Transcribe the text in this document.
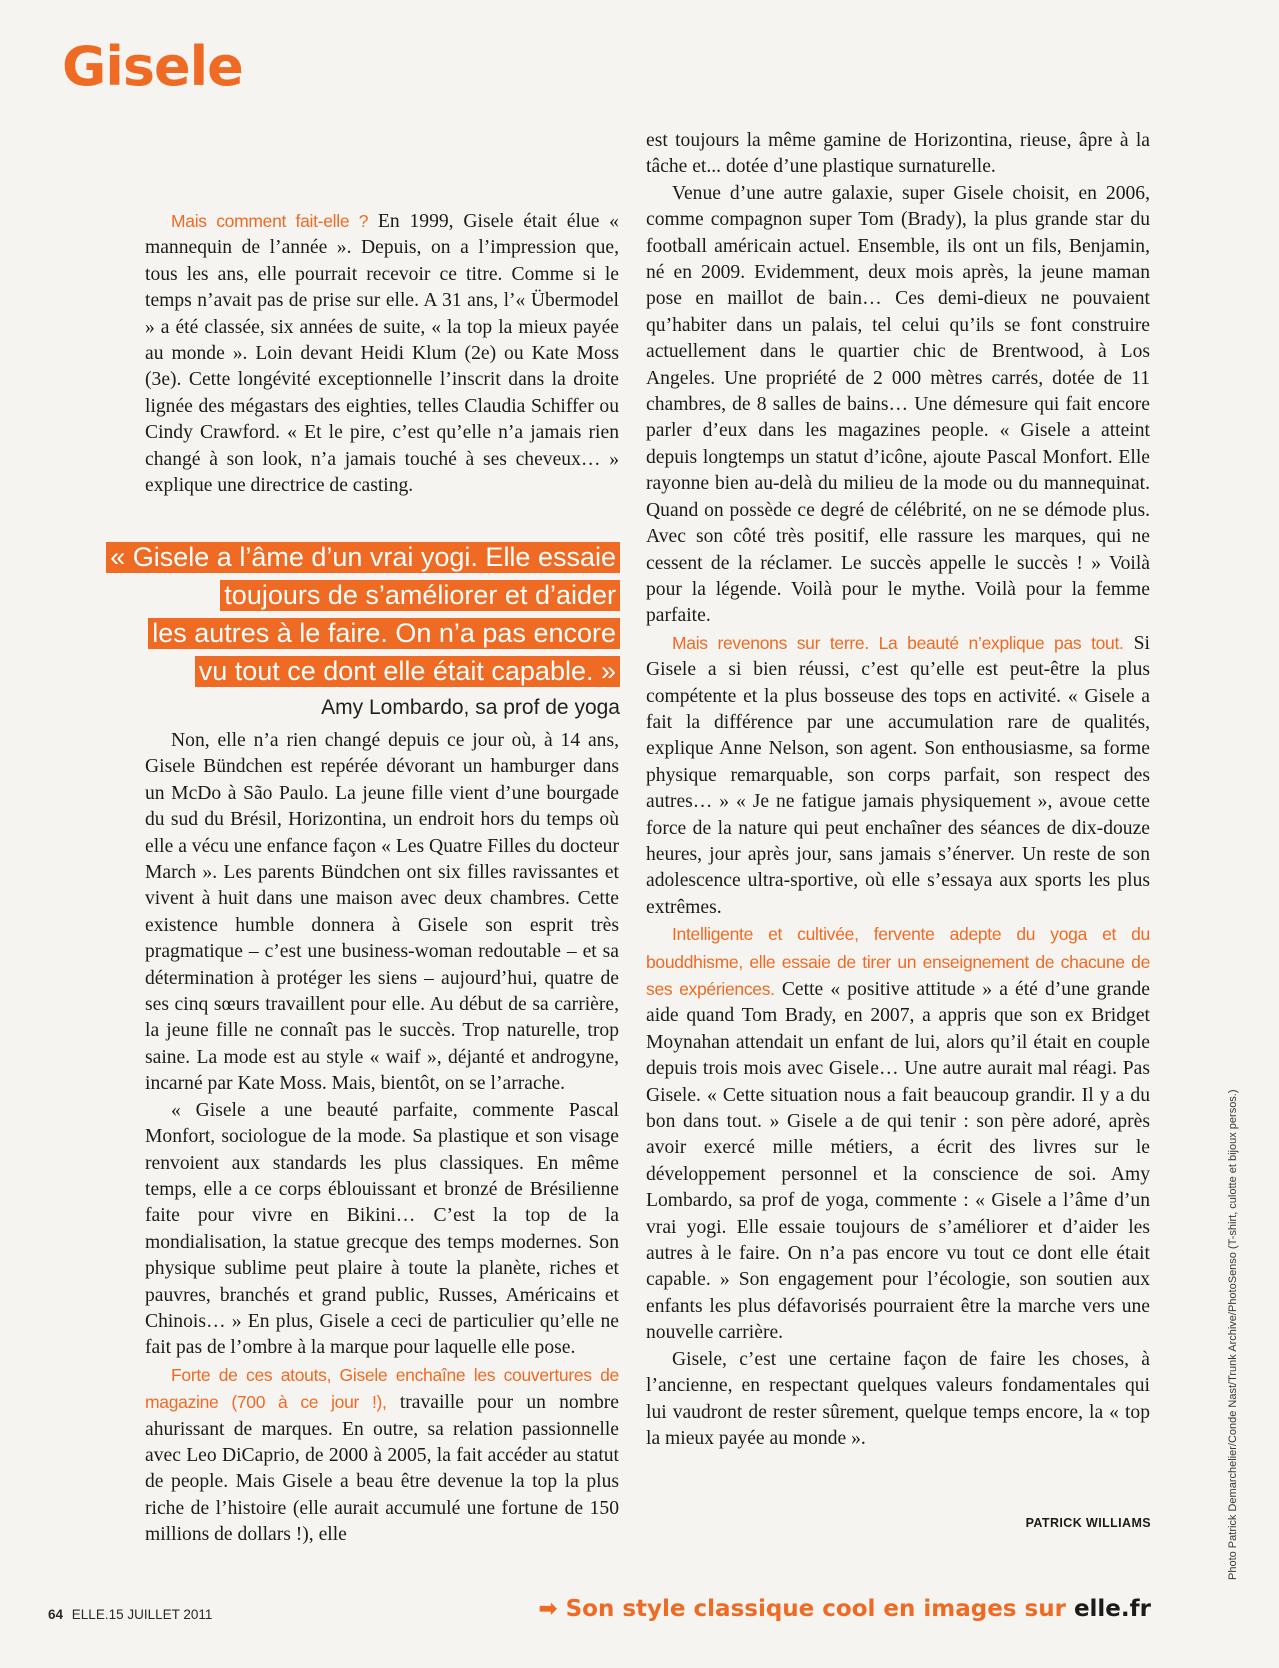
Gisele

Mais comment fait-elle ? En 1999, Gisele était élue « mannequin de l’année ». Depuis, on a l’impression que, tous les ans, elle pourrait recevoir ce titre. Comme si le temps n’avait pas de prise sur elle. A 31 ans, l’« Übermodel » a été classée, six années de suite, « la top la mieux payée au monde ». Loin devant Heidi Klum (2e) ou Kate Moss (3e). Cette longévité exceptionnelle l’inscrit dans la droite lignée des mégastars des eighties, telles Claudia Schiffer ou Cindy Crawford. « Et le pire, c’est qu’elle n’a jamais rien changé à son look, n’a jamais touché à ses cheveux… » explique une directrice de casting.

« Gisele a l’âme d’un vrai yogi. Elle essaie
toujours de s’améliorer et d’aider
les autres à le faire. On n’a pas encore
vu tout ce dont elle était capable. »
Amy Lombardo, sa prof de yoga

Non, elle n’a rien changé depuis ce jour où, à 14 ans, Gisele Bündchen est repérée dévorant un hamburger dans un McDo à São Paulo. La jeune fille vient d’une bourgade du sud du Brésil, Horizontina, un endroit hors du temps où elle a vécu une enfance façon « Les Quatre Filles du docteur March ». Les parents Bündchen ont six filles ravissantes et vivent à huit dans une maison avec deux chambres. Cette existence humble donnera à Gisele son esprit très pragmatique – c’est une business-woman redoutable – et sa détermination à protéger les siens – aujourd’hui, quatre de ses cinq sœurs travaillent pour elle. Au début de sa carrière, la jeune fille ne connaît pas le succès. Trop naturelle, trop saine. La mode est au style « waif », déjanté et androgyne, incarné par Kate Moss. Mais, bientôt, on se l’arrache.

« Gisele a une beauté parfaite, commente Pascal Monfort, sociologue de la mode. Sa plastique et son visage renvoient aux standards les plus classiques. En même temps, elle a ce corps éblouissant et bronzé de Brésilienne faite pour vivre en Bikini… C’est la top de la mondialisation, la statue grecque des temps modernes. Son physique sublime peut plaire à toute la planète, riches et pauvres, branchés et grand public, Russes, Américains et Chinois… » En plus, Gisele a ceci de particulier qu’elle ne fait pas de l’ombre à la marque pour laquelle elle pose.

Forte de ces atouts, Gisele enchaîne les couvertures de magazine (700 à ce jour !), travaille pour un nombre ahurissant de marques. En outre, sa relation passionnelle avec Leo DiCaprio, de 2000 à 2005, la fait accéder au statut de people. Mais Gisele a beau être devenue la top la plus riche de l’histoire (elle aurait accumulé une fortune de 150 millions de dollars !), elle

est toujours la même gamine de Horizontina, rieuse, âpre à la tâche et... dotée d’une plastique surnaturelle.

Venue d’une autre galaxie, super Gisele choisit, en 2006, comme compagnon super Tom (Brady), la plus grande star du football américain actuel. Ensemble, ils ont un fils, Benjamin, né en 2009. Evidemment, deux mois après, la jeune maman pose en maillot de bain… Ces demi-dieux ne pouvaient qu’habiter dans un palais, tel celui qu’ils se font construire actuellement dans le quartier chic de Brentwood, à Los Angeles. Une propriété de 2 000 mètres carrés, dotée de 11 chambres, de 8 salles de bains… Une démesure qui fait encore parler d’eux dans les magazines people. « Gisele a atteint depuis longtemps un statut d’icône, ajoute Pascal Monfort. Elle rayonne bien au-delà du milieu de la mode ou du mannequinat. Quand on possède ce degré de célébrité, on ne se démode plus. Avec son côté très positif, elle rassure les marques, qui ne cessent de la réclamer. Le succès appelle le succès ! » Voilà pour la légende. Voilà pour le mythe. Voilà pour la femme parfaite.

Mais revenons sur terre. La beauté n’explique pas tout. Si Gisele a si bien réussi, c’est qu’elle est peut-être la plus compétente et la plus bosseuse des tops en activité. « Gisele a fait la différence par une accumulation rare de qualités, explique Anne Nelson, son agent. Son enthousiasme, sa forme physique remarquable, son corps parfait, son respect des autres… » « Je ne fatigue jamais physiquement », avoue cette force de la nature qui peut enchaîner des séances de dix-douze heures, jour après jour, sans jamais s’énerver. Un reste de son adolescence ultra-sportive, où elle s’essaya aux sports les plus extrêmes.

Intelligente et cultivée, fervente adepte du yoga et du bouddhisme, elle essaie de tirer un enseignement de chacune de ses expériences. Cette « positive attitude » a été d’une grande aide quand Tom Brady, en 2007, a appris que son ex Bridget Moynahan attendait un enfant de lui, alors qu’il était en couple depuis trois mois avec Gisele… Une autre aurait mal réagi. Pas Gisele. « Cette situation nous a fait beaucoup grandir. Il y a du bon dans tout. » Gisele a de qui tenir : son père adoré, après avoir exercé mille métiers, a écrit des livres sur le développement personnel et la conscience de soi. Amy Lombardo, sa prof de yoga, commente : « Gisele a l’âme d’un vrai yogi. Elle essaie toujours de s’améliorer et d’aider les autres à le faire. On n’a pas encore vu tout ce dont elle était capable. » Son engagement pour l’écologie, son soutien aux enfants les plus défavorisés pourraient être la marche vers une nouvelle carrière.

Gisele, c’est une certaine façon de faire les choses, à l’ancienne, en respectant quelques valeurs fondamentales qui lui vaudront de rester sûrement, quelque temps encore, la « top la mieux payée au monde ».

PATRICK WILLIAMS	Photo Patrick Demarchelier/Conde Nast/Trunk Archive/PhotoSenso (T-shirt, culotte et bijoux persos.)
64 ELLE.15 JUILLET 2011	➡ Son style classique cool en images sur elle.fr
